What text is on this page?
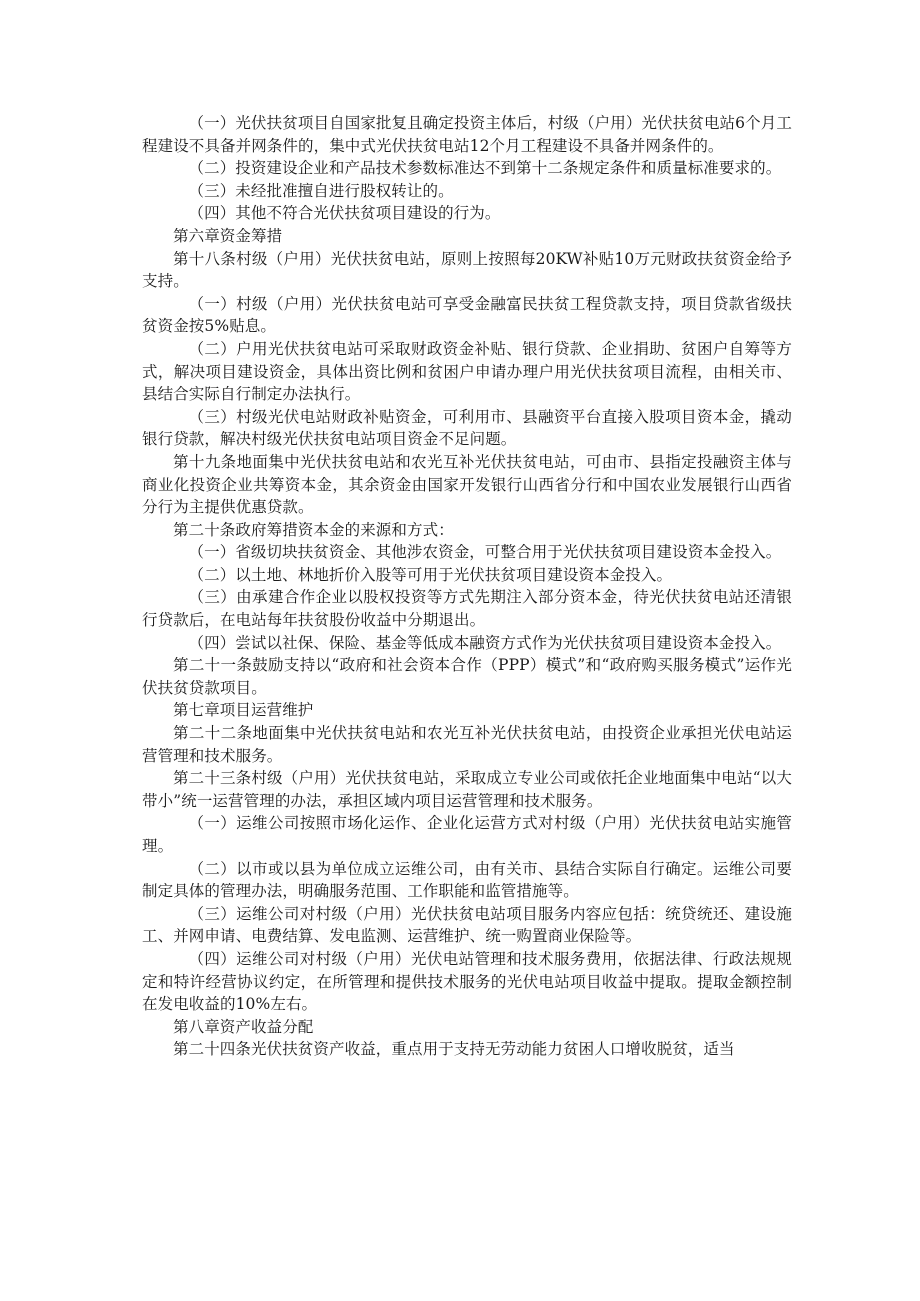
（一）光伏扶贫项目自国家批复且确定投资主体后，村级（户用）光伏扶贫电站6个月工程建设不具备并网条件的，集中式光伏扶贫电站12个月工程建设不具备并网条件的。

（二）投资建设企业和产品技术参数标准达不到第十二条规定条件和质量标准要求的。

（三）未经批准擅自进行股权转让的。

（四）其他不符合光伏扶贫项目建设的行为。

第六章资金筹措

第十八条村级（户用）光伏扶贫电站，原则上按照每20KW补贴10万元财政扶贫资金给予支持。

（一）村级（户用）光伏扶贫电站可享受金融富民扶贫工程贷款支持，项目贷款省级扶贫资金按5%贴息。

（二）户用光伏扶贫电站可采取财政资金补贴、银行贷款、企业捐助、贫困户自筹等方式，解决项目建设资金，具体出资比例和贫困户申请办理户用光伏扶贫项目流程，由相关市、县结合实际自行制定办法执行。

（三）村级光伏电站财政补贴资金，可利用市、县融资平台直接入股项目资本金，撬动银行贷款，解决村级光伏扶贫电站项目资金不足问题。

第十九条地面集中光伏扶贫电站和农光互补光伏扶贫电站，可由市、县指定投融资主体与商业化投资企业共筹资本金，其余资金由国家开发银行山西省分行和中国农业发展银行山西省分行为主提供优惠贷款。

第二十条政府筹措资本金的来源和方式：

（一）省级切块扶贫资金、其他涉农资金，可整合用于光伏扶贫项目建设资本金投入。

（二）以土地、林地折价入股等可用于光伏扶贫项目建设资本金投入。

（三）由承建合作企业以股权投资等方式先期注入部分资本金，待光伏扶贫电站还清银行贷款后，在电站每年扶贫股份收益中分期退出。

（四）尝试以社保、保险、基金等低成本融资方式作为光伏扶贫项目建设资本金投入。

第二十一条鼓励支持以“政府和社会资本合作（PPP）模式”和“政府购买服务模式”运作光伏扶贫贷款项目。

第七章项目运营维护

第二十二条地面集中光伏扶贫电站和农光互补光伏扶贫电站，由投资企业承担光伏电站运营管理和技术服务。

第二十三条村级（户用）光伏扶贫电站，采取成立专业公司或依托企业地面集中电站“以大带小”统一运营管理的办法，承担区域内项目运营管理和技术服务。

（一）运维公司按照市场化运作、企业化运营方式对村级（户用）光伏扶贫电站实施管理。

（二）以市或以县为单位成立运维公司，由有关市、县结合实际自行确定。运维公司要制定具体的管理办法，明确服务范围、工作职能和监管措施等。

（三）运维公司对村级（户用）光伏扶贫电站项目服务内容应包括：统贷统还、建设施工、并网申请、电费结算、发电监测、运营维护、统一购置商业保险等。

（四）运维公司对村级（户用）光伏电站管理和技术服务费用，依据法律、行政法规规定和特许经营协议约定，在所管理和提供技术服务的光伏电站项目收益中提取。提取金额控制在发电收益的10%左右。

第八章资产收益分配

第二十四条光伏扶贫资产收益，重点用于支持无劳动能力贫困人口增收脱贫，适当
